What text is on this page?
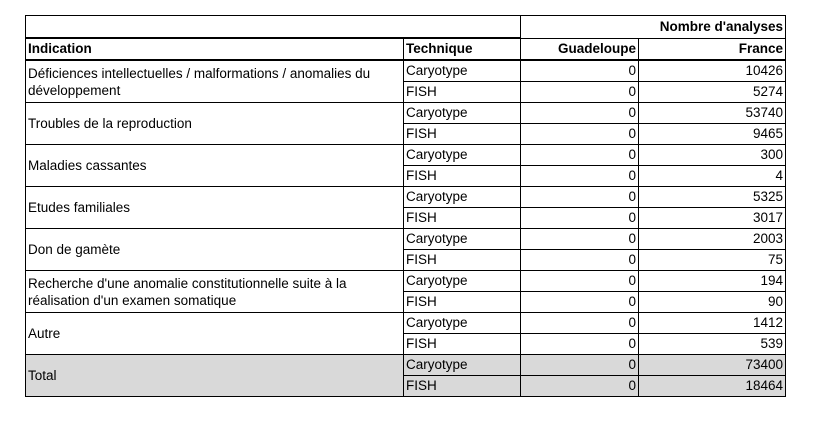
		Nombre d'analyses	
Indication	Technique	Guadeloupe	France
Déficiences intellectuelles / malformations / anomalies du développement	Caryotype	0	10426
	FISH	0	5274
Troubles de la reproduction	Caryotype	0	53740
	FISH	0	9465
Maladies cassantes	Caryotype	0	300
	FISH	0	4
Etudes familiales	Caryotype	0	5325
	FISH	0	3017
Don de gamète	Caryotype	0	2003
	FISH	0	75
Recherche d'une anomalie constitutionnelle suite à la réalisation d'un examen somatique	Caryotype	0	194
	FISH	0	90
Autre	Caryotype	0	1412
	FISH	0	539
Total	Caryotype	0	73400
	FISH	0	18464
